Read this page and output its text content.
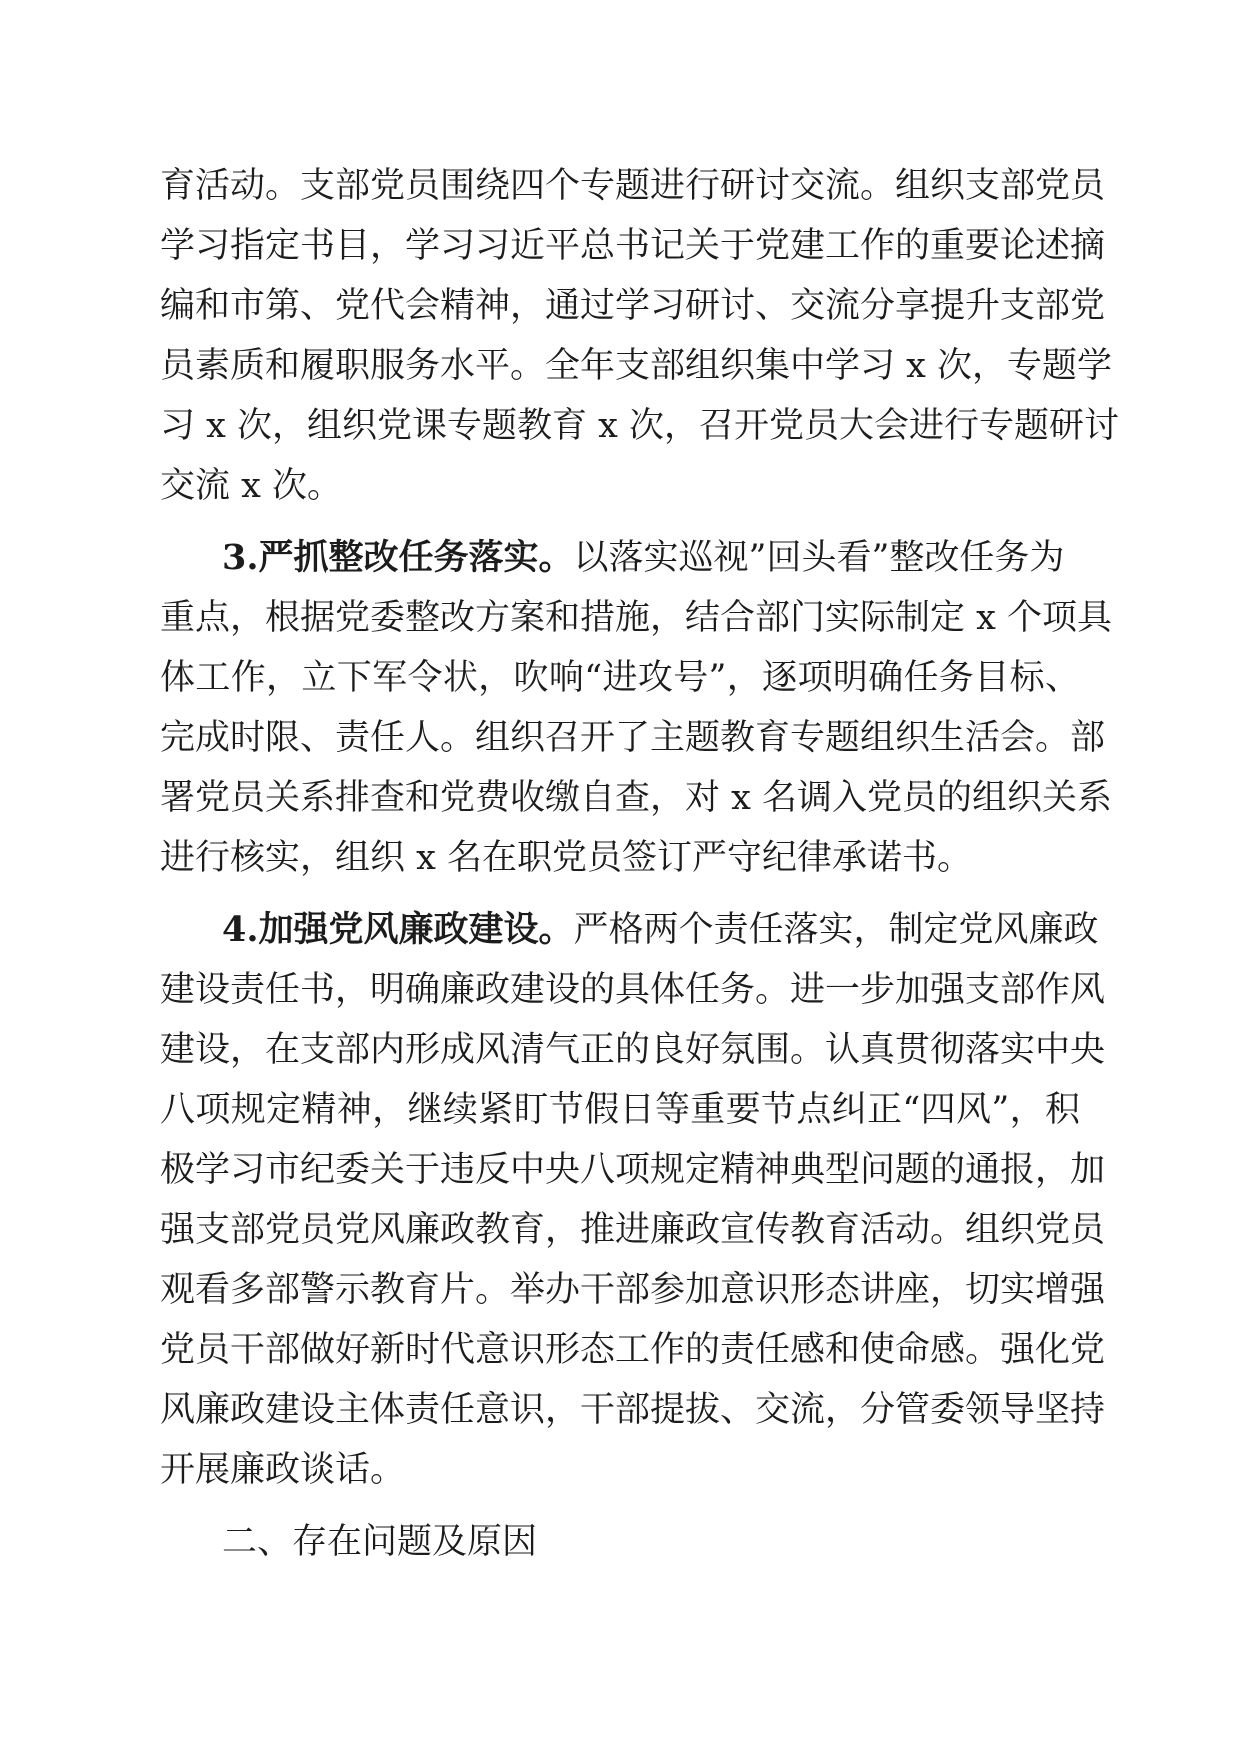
育活动。支部党员围绕四个专题进行研讨交流。组织支部党员
学习指定书目，学习习近平总书记关于党建工作的重要论述摘
编和市第、党代会精神，通过学习研讨、交流分享提升支部党
员素质和履职服务水平。全年支部组织集中学习 x 次，专题学
习 x 次，组织党课专题教育 x 次，召开党员大会进行专题研讨
交流 x 次。
3.严抓整改任务落实。以落实巡视”回头看”整改任务为
重点，根据党委整改方案和措施，结合部门实际制定 x 个项具
体工作，立下军令状，吹响“进攻号”，逐项明确任务目标、
完成时限、责任人。组织召开了主题教育专题组织生活会。部
署党员关系排查和党费收缴自查，对 x 名调入党员的组织关系
进行核实，组织 x 名在职党员签订严守纪律承诺书。
4.加强党风廉政建设。严格两个责任落实，制定党风廉政
建设责任书，明确廉政建设的具体任务。进一步加强支部作风
建设，在支部内形成风清气正的良好氛围。认真贯彻落实中央
八项规定精神，继续紧盯节假日等重要节点纠正“四风”，积
极学习市纪委关于违反中央八项规定精神典型问题的通报，加
强支部党员党风廉政教育，推进廉政宣传教育活动。组织党员
观看多部警示教育片。举办干部参加意识形态讲座，切实增强
党员干部做好新时代意识形态工作的责任感和使命感。强化党
风廉政建设主体责任意识，干部提拔、交流，分管委领导坚持
开展廉政谈话。
二、存在问题及原因
